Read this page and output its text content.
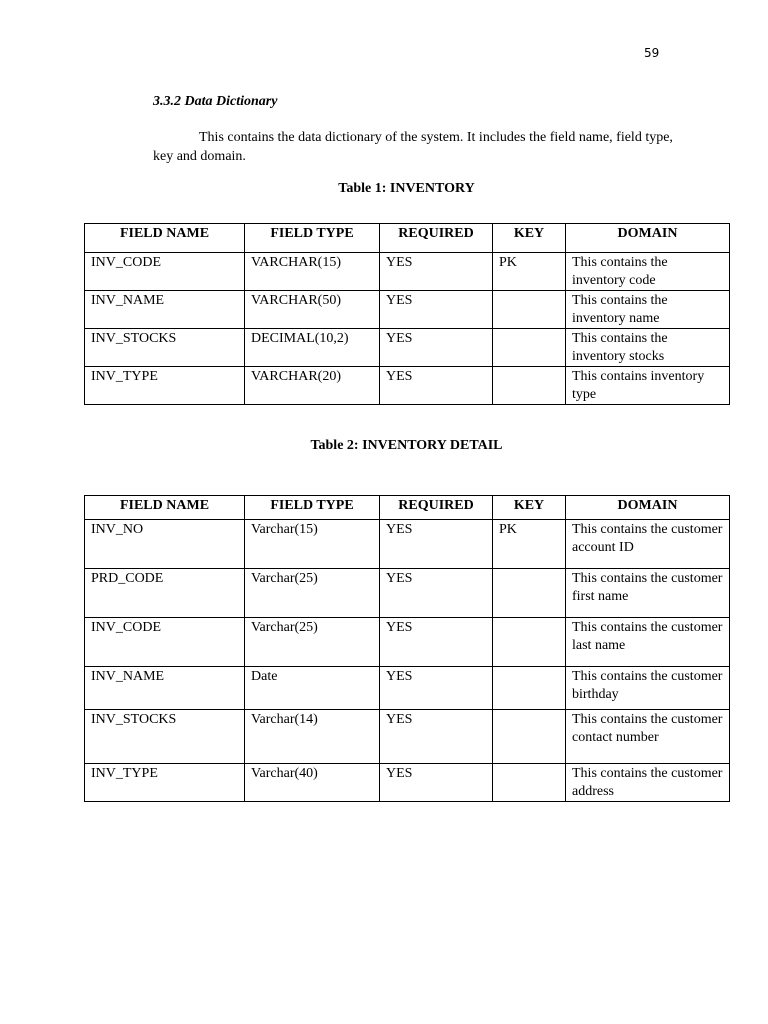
59
3.3.2 Data Dictionary
This contains the data dictionary of the system. It includes the field name, field type, key and domain.
Table 1: INVENTORY
FIELD NAME	FIELD TYPE	REQUIRED	KEY	DOMAIN
INV_CODE	VARCHAR(15)	YES	PK	This contains the inventory code
INV_NAME	VARCHAR(50)	YES		This contains the inventory name
INV_STOCKS	DECIMAL(10,2)	YES		This contains the inventory stocks
INV_TYPE	VARCHAR(20)	YES		This contains inventory type
Table 2: INVENTORY DETAIL
FIELD NAME	FIELD TYPE	REQUIRED	KEY	DOMAIN
INV_NO	Varchar(15)	YES	PK	This contains the customer account ID
PRD_CODE	Varchar(25)	YES		This contains the customer first name
INV_CODE	Varchar(25)	YES		This contains the customer last name
INV_NAME	Date	YES		This contains the customer birthday
INV_STOCKS	Varchar(14)	YES		This contains the customer contact number
INV_TYPE	Varchar(40)	YES		This contains the customer address
